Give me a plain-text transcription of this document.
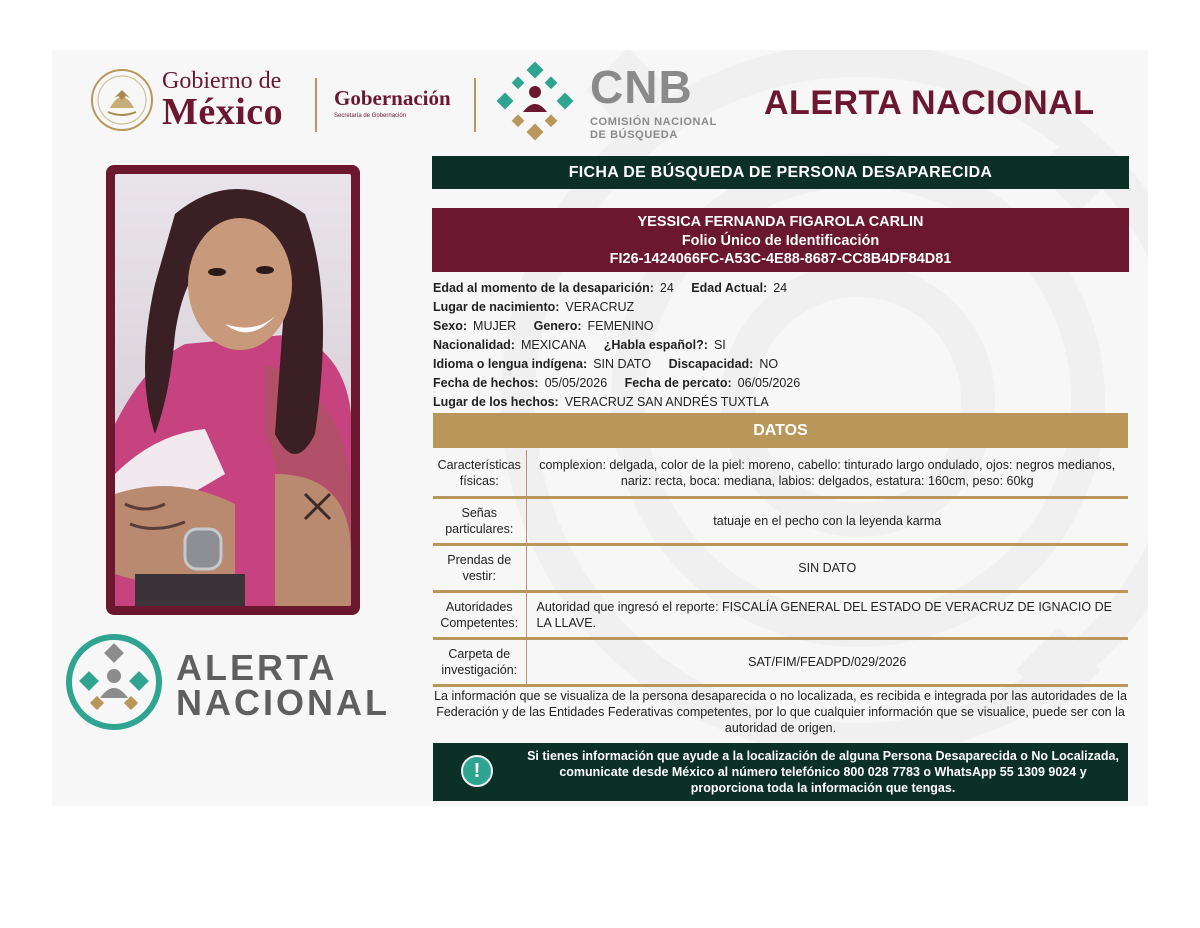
Gobierno de
México Gobernación
Secretaría de Gobernación
CNB
COMISIÓN NACIONAL
DE BÚSQUEDA
ALERTA NACIONAL
ALERTA
NACIONAL
FICHA DE BÚSQUEDA DE PERSONA DESAPARECIDA
YESSICA FERNANDA FIGAROLA CARLIN
Folio Único de Identificación
FI26-1424066FC-A53C-4E88-8687-CC8B4DF84D81
Edad al momento de la desaparición: 24 Edad Actual: 24
Lugar de nacimiento: VERACRUZ
Sexo: MUJER Genero: FEMENINO
Nacionalidad: MEXICANA ¿Habla español?: SI
Idioma o lengua indígena: SIN DATO Discapacidad: NO
Fecha de hechos: 05/05/2026 Fecha de percato: 06/05/2026
Lugar de los hechos: VERACRUZ SAN ANDRÉS TUXTLA
DATOS
Características físicas:	complexion: delgada, color de la piel: moreno, cabello: tinturado largo ondulado, ojos: negros medianos, nariz: recta, boca: mediana, labios: delgados, estatura: 160cm, peso: 60kg
Señas particulares:	tatuaje en el pecho con la leyenda karma
Prendas de vestir:	SIN DATO
Autoridades Competentes:	Autoridad que ingresó el reporte: FISCALÍA GENERAL DEL ESTADO DE VERACRUZ DE IGNACIO DE LA LLAVE.
Carpeta de investigación:	SAT/FIM/FEADPD/029/2026
La información que se visualiza de la persona desaparecida o no localizada, es recibida e integrada por las autoridades de la Federación y de las Entidades Federativas competentes, por lo que cualquier información que se visualice, puede ser con la autoridad de origen.
!
Si tienes información que ayude a la localización de alguna Persona Desaparecida o No Localizada, comunicate desde México al número telefónico 800 028 7783 o WhatsApp 55 1309 9024 y proporciona toda la información que tengas.
